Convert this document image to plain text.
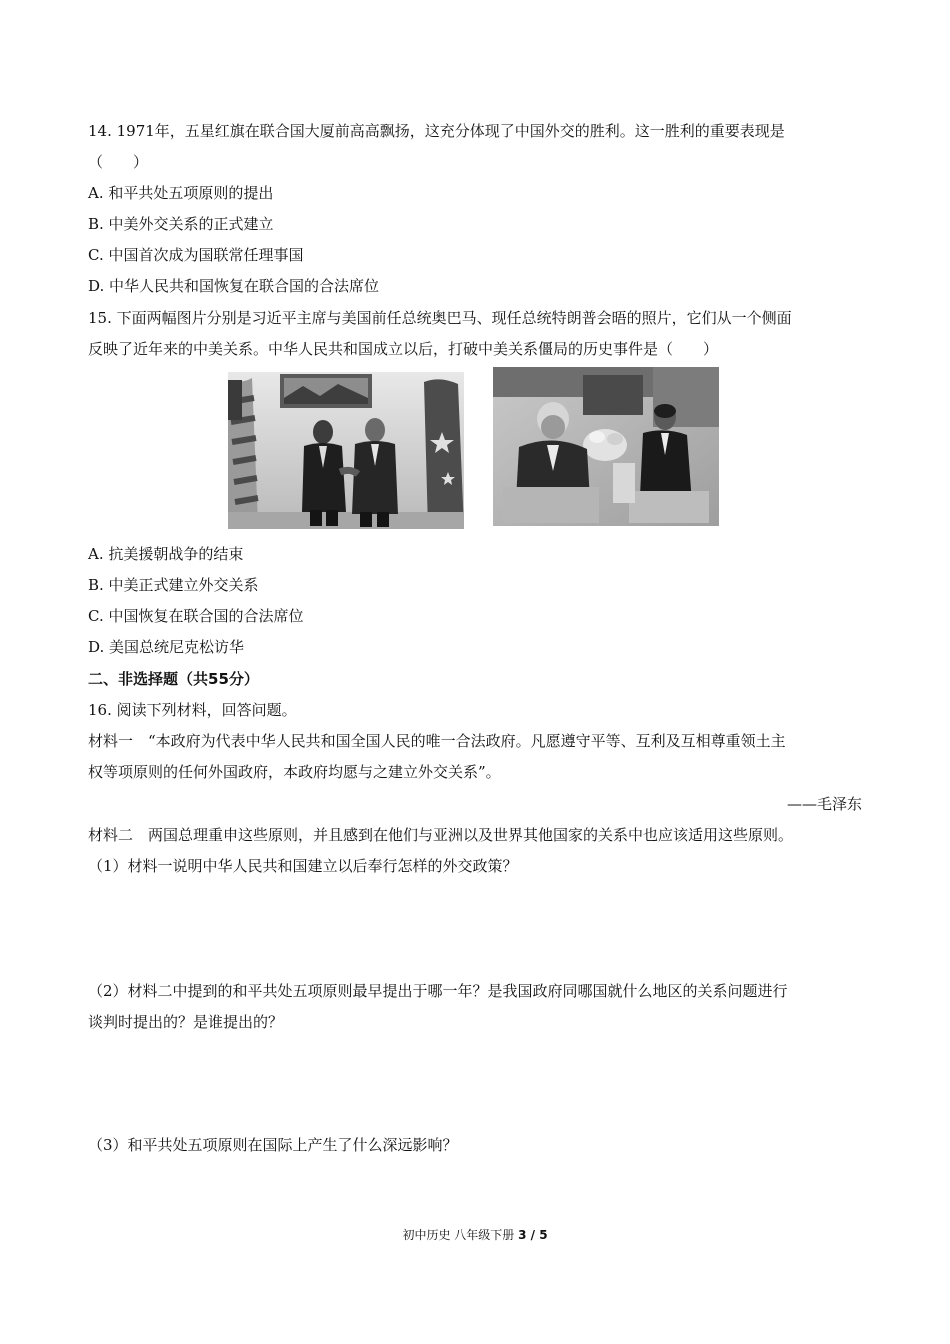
14. 1971年，五星红旗在联合国大厦前高高飘扬，这充分体现了中国外交的胜利。这一胜利的重要表现是
（　　）
A. 和平共处五项原则的提出
B. 中美外交关系的正式建立
C. 中国首次成为国联常任理事国
D. 中华人民共和国恢复在联合国的合法席位
15. 下面两幅图片分别是习近平主席与美国前任总统奥巴马、现任总统特朗普会晤的照片，它们从一个侧面
反映了近年来的中美关系。中华人民共和国成立以后，打破中美关系僵局的历史事件是（　　）
A. 抗美援朝战争的结束
B. 中美正式建立外交关系
C. 中国恢复在联合国的合法席位
D. 美国总统尼克松访华
二、非选择题（共55分）
16. 阅读下列材料，回答问题。
材料一　“本政府为代表中华人民共和国全国人民的唯一合法政府。凡愿遵守平等、互利及互相尊重领土主
权等项原则的任何外国政府，本政府均愿与之建立外交关系”。
——毛泽东
材料二　两国总理重申这些原则，并且感到在他们与亚洲以及世界其他国家的关系中也应该适用这些原则。
（1）材料一说明中华人民共和国建立以后奉行怎样的外交政策？
（2）材料二中提到的和平共处五项原则最早提出于哪一年？是我国政府同哪国就什么地区的关系问题进行
谈判时提出的？是谁提出的？
（3）和平共处五项原则在国际上产生了什么深远影响？
初中历史 八年级下册 3 / 5
